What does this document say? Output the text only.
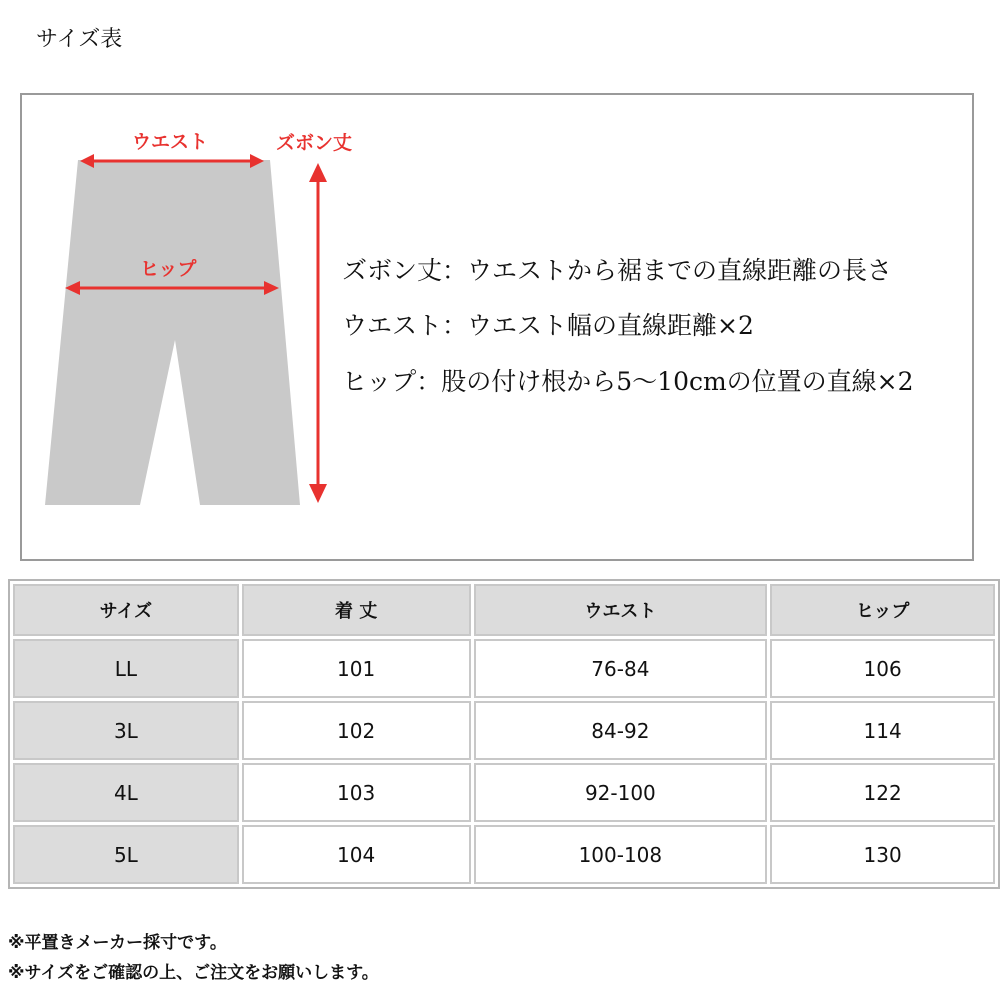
サイズ表
ウエスト
ヒップ
ズボン丈
ズボン丈：ウエストから裾までの直線距離の長さ
ウエスト：ウエスト幅の直線距離×2
ヒップ：股の付け根から5～10cmの位置の直線×2
サイズ	着 丈	ウエスト	ヒップ
LL	101	76-84	106
3L	102	84-92	114
4L	103	92-100	122
5L	104	100-108	130
※平置きメーカー採寸です。
※サイズをご確認の上、ご注文をお願いします。
